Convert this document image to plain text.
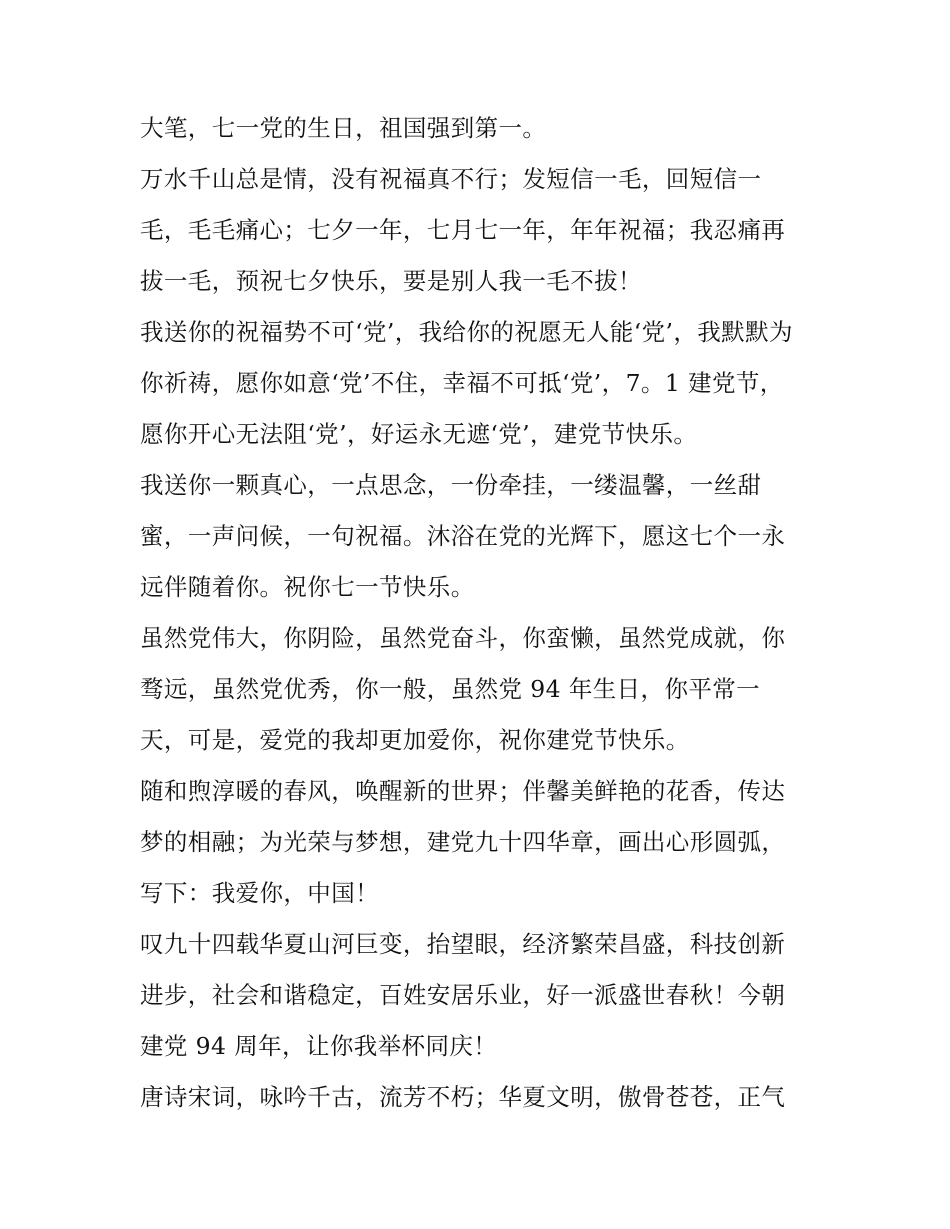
大笔，七一党的生日，祖国强到第一。

万水千山总是情，没有祝福真不行；发短信一毛，回短信一

毛，毛毛痛心；七夕一年，七月七一年，年年祝福；我忍痛再

拔一毛，预祝七夕快乐，要是别人我一毛不拔！

我送你的祝福势不可‘党’，我给你的祝愿无人能‘党’，我默默为

你祈祷，愿你如意‘党’不住，幸福不可抵‘党’，7。1 建党节，

愿你开心无法阻‘党’，好运永无遮‘党’，建党节快乐。

我送你一颗真心，一点思念，一份牵挂，一缕温馨，一丝甜

蜜，一声问候，一句祝福。沐浴在党的光辉下，愿这七个一永

远伴随着你。祝你七一节快乐。

虽然党伟大，你阴险，虽然党奋斗，你蛮懒，虽然党成就，你

骛远，虽然党优秀，你一般，虽然党 94 年生日，你平常一

天，可是，爱党的我却更加爱你，祝你建党节快乐。

随和煦淳暖的春风，唤醒新的世界；伴馨美鲜艳的花香，传达

梦的相融；为光荣与梦想，建党九十四华章，画出心形圆弧，

写下：我爱你，中国！

叹九十四载华夏山河巨变，抬望眼，经济繁荣昌盛，科技创新

进步，社会和谐稳定，百姓安居乐业，好一派盛世春秋！今朝

建党 94 周年，让你我举杯同庆！

唐诗宋词，咏吟千古，流芳不朽；华夏文明，傲骨苍苍，正气
